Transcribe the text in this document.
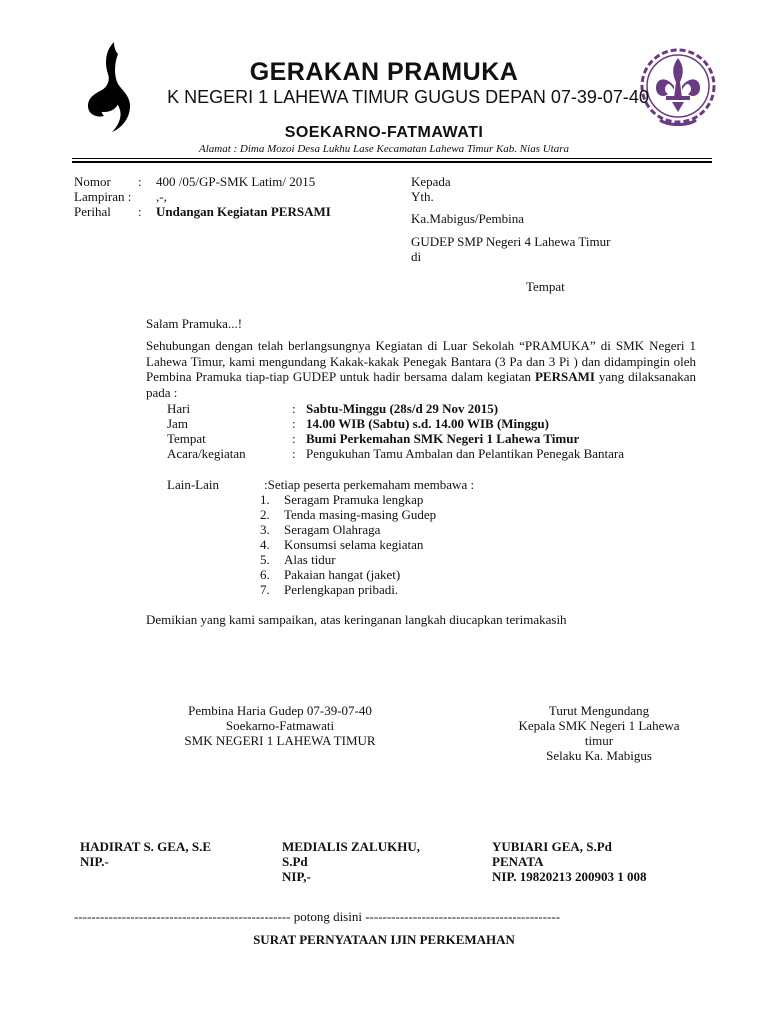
GERAKAN PRAMUKA
K NEGERI 1 LAHEWA TIMUR GUGUS DEPAN 07-39-07-40
SOEKARNO-FATMAWATI
Alamat : Dima Mozoi Desa Lukhu Lase Kecamatan Lahewa Timur Kab. Nias Utara
Nomor : 400 /05/GP-SMK Latim/ 2015
Lampiran : ,-,
Perihal : Undangan Kegiatan PERSAMI
Kepada
Yth.
Ka.Mabigus/Pembina
GUDEP SMP Negeri 4 Lahewa Timur
di
Tempat
Salam Pramuka...!
Sehubungan dengan telah berlangsungnya Kegiatan di Luar Sekolah “PRAMUKA” di SMK Negeri 1 Lahewa Timur, kami mengundang Kakak-kakak Penegak Bantara (3 Pa dan 3 Pi ) dan didampingin oleh Pembina Pramuka tiap-tiap GUDEP untuk hadir bersama dalam kegiatan PERSAMI yang dilaksanakan pada :
Hari	: Sabtu-Minggu (28s/d 29 Nov 2015)
Jam	: 14.00 WIB (Sabtu) s.d. 14.00 WIB (Minggu)
Tempat	: Bumi Perkemahan SMK Negeri 1 Lahewa Timur
Acara/kegiatan	: Pengukuhan Tamu Ambalan dan Pelantikan Penegak Bantara
Lain-Lain	:Setiap peserta perkemaham membawa :
1. Seragam Pramuka lengkap
2. Tenda masing-masing Gudep
3. Seragam Olahraga
4. Konsumsi selama kegiatan
5. Alas tidur
6. Pakaian hangat (jaket)
7. Perlengkapan pribadi.
Demikian yang kami sampaikan, atas keringanan langkah diucapkan terimakasih
Pembina Haria Gudep 07-39-07-40
Soekarno-Fatmawati
SMK NEGERI 1 LAHEWA TIMUR
Turut Mengundang
Kepala SMK Negeri 1 Lahewa
timur
Selaku Ka. Mabigus
HADIRAT S. GEA, S.E
NIP.-
MEDIALIS ZALUKHU,
S.Pd
NIP,-
YUBIARI GEA, S.Pd
PENATA
NIP. 19820213 200903 1 008
-------------------------------------------------- potong disini ---------------------------------------------
SURAT PERNYATAAN IJIN PERKEMAHAN
